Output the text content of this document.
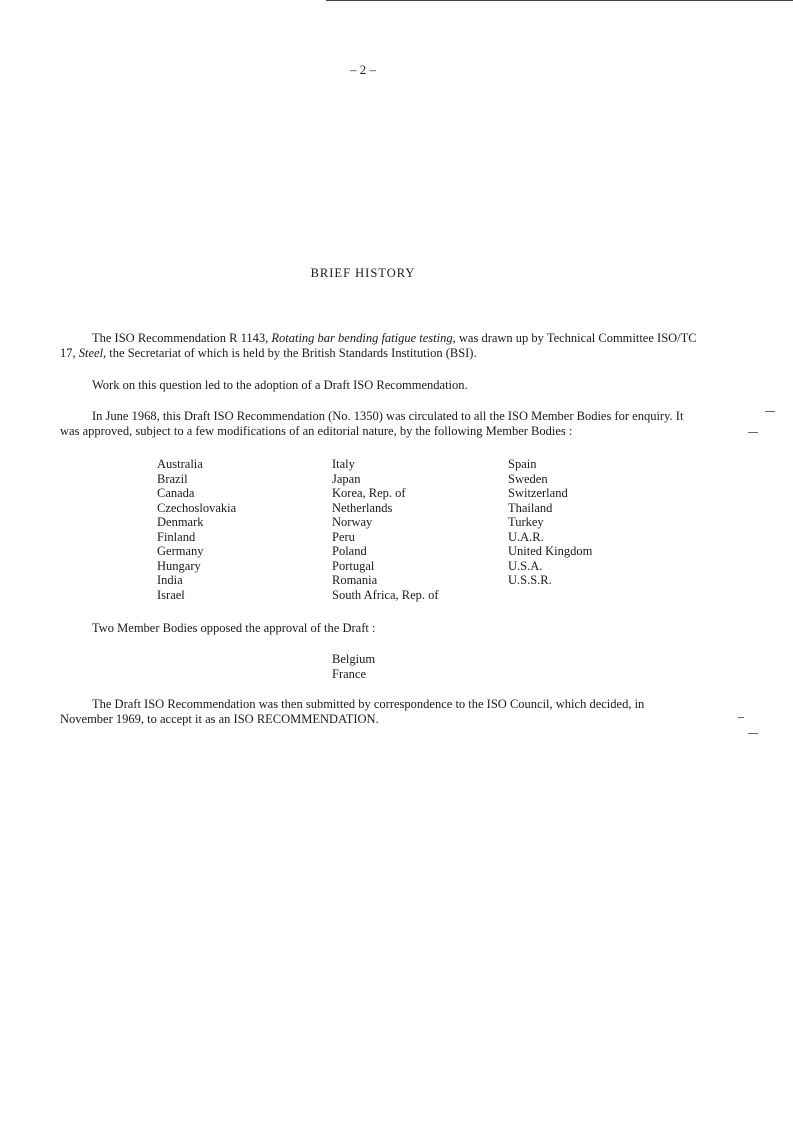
– 2 –
BRIEF HISTORY

The ISO Recommendation R 1143, Rotating bar bending fatigue testing, was drawn up by Technical Committee ISO/TC 17, Steel, the Secretariat of which is held by the British Standards Institution (BSI).

Work on this question led to the adoption of a Draft ISO Recommendation.

In June 1968, this Draft ISO Recommendation (No. 1350) was circulated to all the ISO Member Bodies for enquiry. It was approved, subject to a few modifications of an editorial nature, by the following Member Bodies :

Australia
Brazil
Canada
Czechoslovakia
Denmark
Finland
Germany
Hungary
India
Israel
Italy
Japan
Korea, Rep. of
Netherlands
Norway
Peru
Poland
Portugal
Romania
South Africa, Rep. of
Spain
Sweden
Switzerland
Thailand
Turkey
U.A.R.
United Kingdom
U.S.A.
U.S.S.R.

Two Member Bodies opposed the approval of the Draft :

Belgium
France

The Draft ISO Recommendation was then submitted by correspondence to the ISO Council, which decided, in November 1969, to accept it as an ISO RECOMMENDATION.
